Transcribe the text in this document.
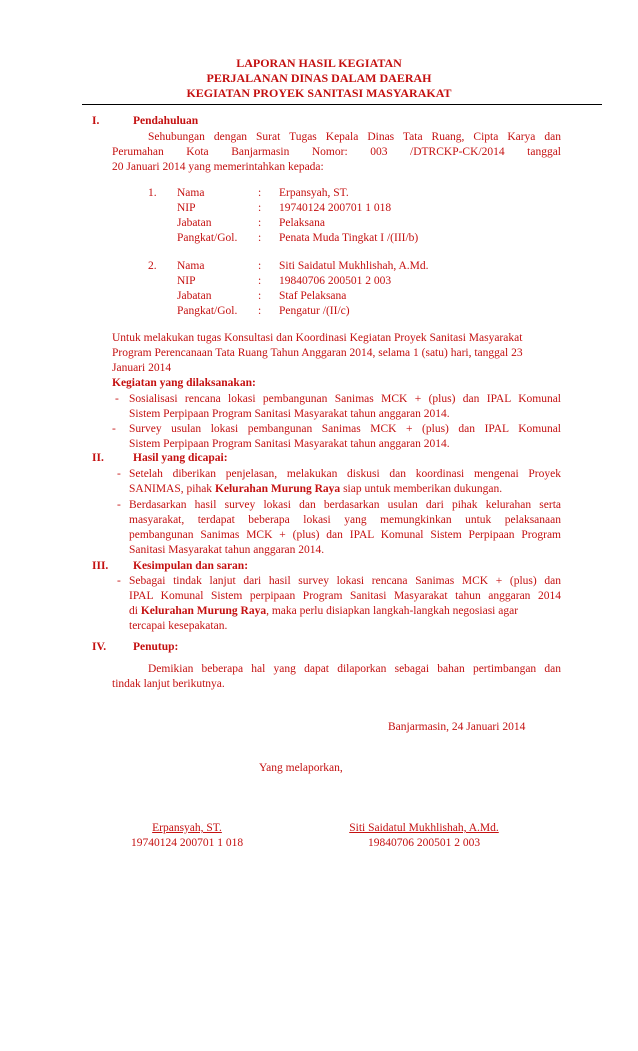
LAPORAN HASIL KEGIATAN
PERJALANAN DINAS DALAM DAERAH
KEGIATAN PROYEK SANITASI MASYARAKAT
I.	Pendahuluan
Sehubungan dengan Surat Tugas Kepala Dinas Tata Ruang, Cipta Karya dan
Perumahan Kota Banjarmasin Nomor: 003 /DTRCKP-CK/2014 tanggal
20 Januari 2014 yang memerintahkan kepada:
1. Nama	: Erpansyah, ST.
NIP	: 19740124 200701 1 018
Jabatan	: Pelaksana
Pangkat/Gol. : Penata Muda Tingkat I /(III/b)
2. Nama	: Siti Saidatul Mukhlishah, A.Md.
NIP	: 19840706 200501 2 003
Jabatan	: Staf Pelaksana
Pangkat/Gol. : Pengatur /(II/c)
Untuk melakukan tugas Konsultasi dan Koordinasi Kegiatan Proyek Sanitasi Masyarakat
Program Perencanaan Tata Ruang Tahun Anggaran 2014, selama 1 (satu) hari, tanggal 23
Januari 2014
Kegiatan yang dilaksanakan:
- Sosialisasi rencana lokasi pembangunan Sanimas MCK + (plus) dan IPAL Komunal
Sistem Perpipaan Program Sanitasi Masyarakat tahun anggaran 2014.
- Survey usulan lokasi pembangunan Sanimas MCK + (plus) dan IPAL Komunal
Sistem Perpipaan Program Sanitasi Masyarakat tahun anggaran 2014.
II.	Hasil yang dicapai:
- Setelah diberikan penjelasan, melakukan diskusi dan koordinasi mengenai Proyek
SANIMAS, pihak Kelurahan Murung Raya siap untuk memberikan dukungan.
- Berdasarkan hasil survey lokasi dan berdasarkan usulan dari pihak kelurahan serta
masyarakat, terdapat beberapa lokasi yang memungkinkan untuk pelaksanaan
pembangunan Sanimas MCK + (plus) dan IPAL Komunal Sistem Perpipaan Program
Sanitasi Masyarakat tahun anggaran 2014.
III. Kesimpulan dan saran:
- Sebagai tindak lanjut dari hasil survey lokasi rencana Sanimas MCK + (plus) dan
IPAL Komunal Sistem perpipaan Program Sanitasi Masyarakat tahun anggaran 2014
di Kelurahan Murung Raya, maka perlu disiapkan langkah-langkah negosiasi agar
tercapai kesepakatan.
IV. Penutup:
Demikian beberapa hal yang dapat dilaporkan sebagai bahan pertimbangan dan
tindak lanjut berikutnya.
Banjarmasin, 24 Januari 2014
Yang melaporkan,
Erpansyah, ST.
19740124 200701 1 018
Siti Saidatul Mukhlishah, A.Md.
19840706 200501 2 003
